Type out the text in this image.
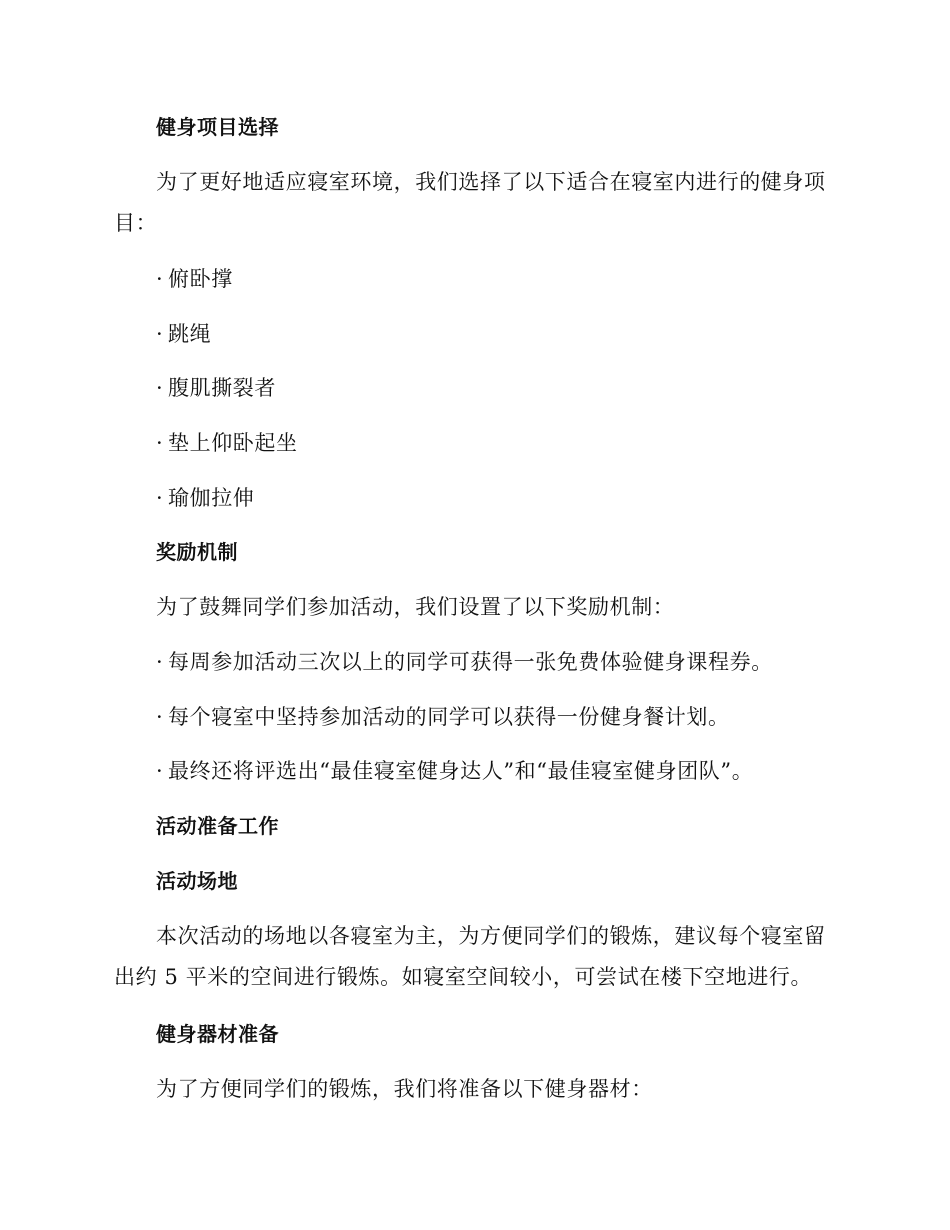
健身项目选择

为了更好地适应寝室环境，我们选择了以下适合在寝室内进行的健身项目：

· 俯卧撑
· 跳绳
· 腹肌撕裂者
· 垫上仰卧起坐
· 瑜伽拉伸
奖励机制
为了鼓舞同学们参加活动，我们设置了以下奖励机制：
· 每周参加活动三次以上的同学可获得一张免费体验健身课程券。
· 每个寝室中坚持参加活动的同学可以获得一份健身餐计划。
· 最终还将评选出“最佳寝室健身达人”和“最佳寝室健身团队”。
活动准备工作
活动场地

本次活动的场地以各寝室为主，为方便同学们的锻炼，建议每个寝室留出约 5 平米的空间进行锻炼。如寝室空间较小，可尝试在楼下空地进行。

健身器材准备
为了方便同学们的锻炼，我们将准备以下健身器材：
